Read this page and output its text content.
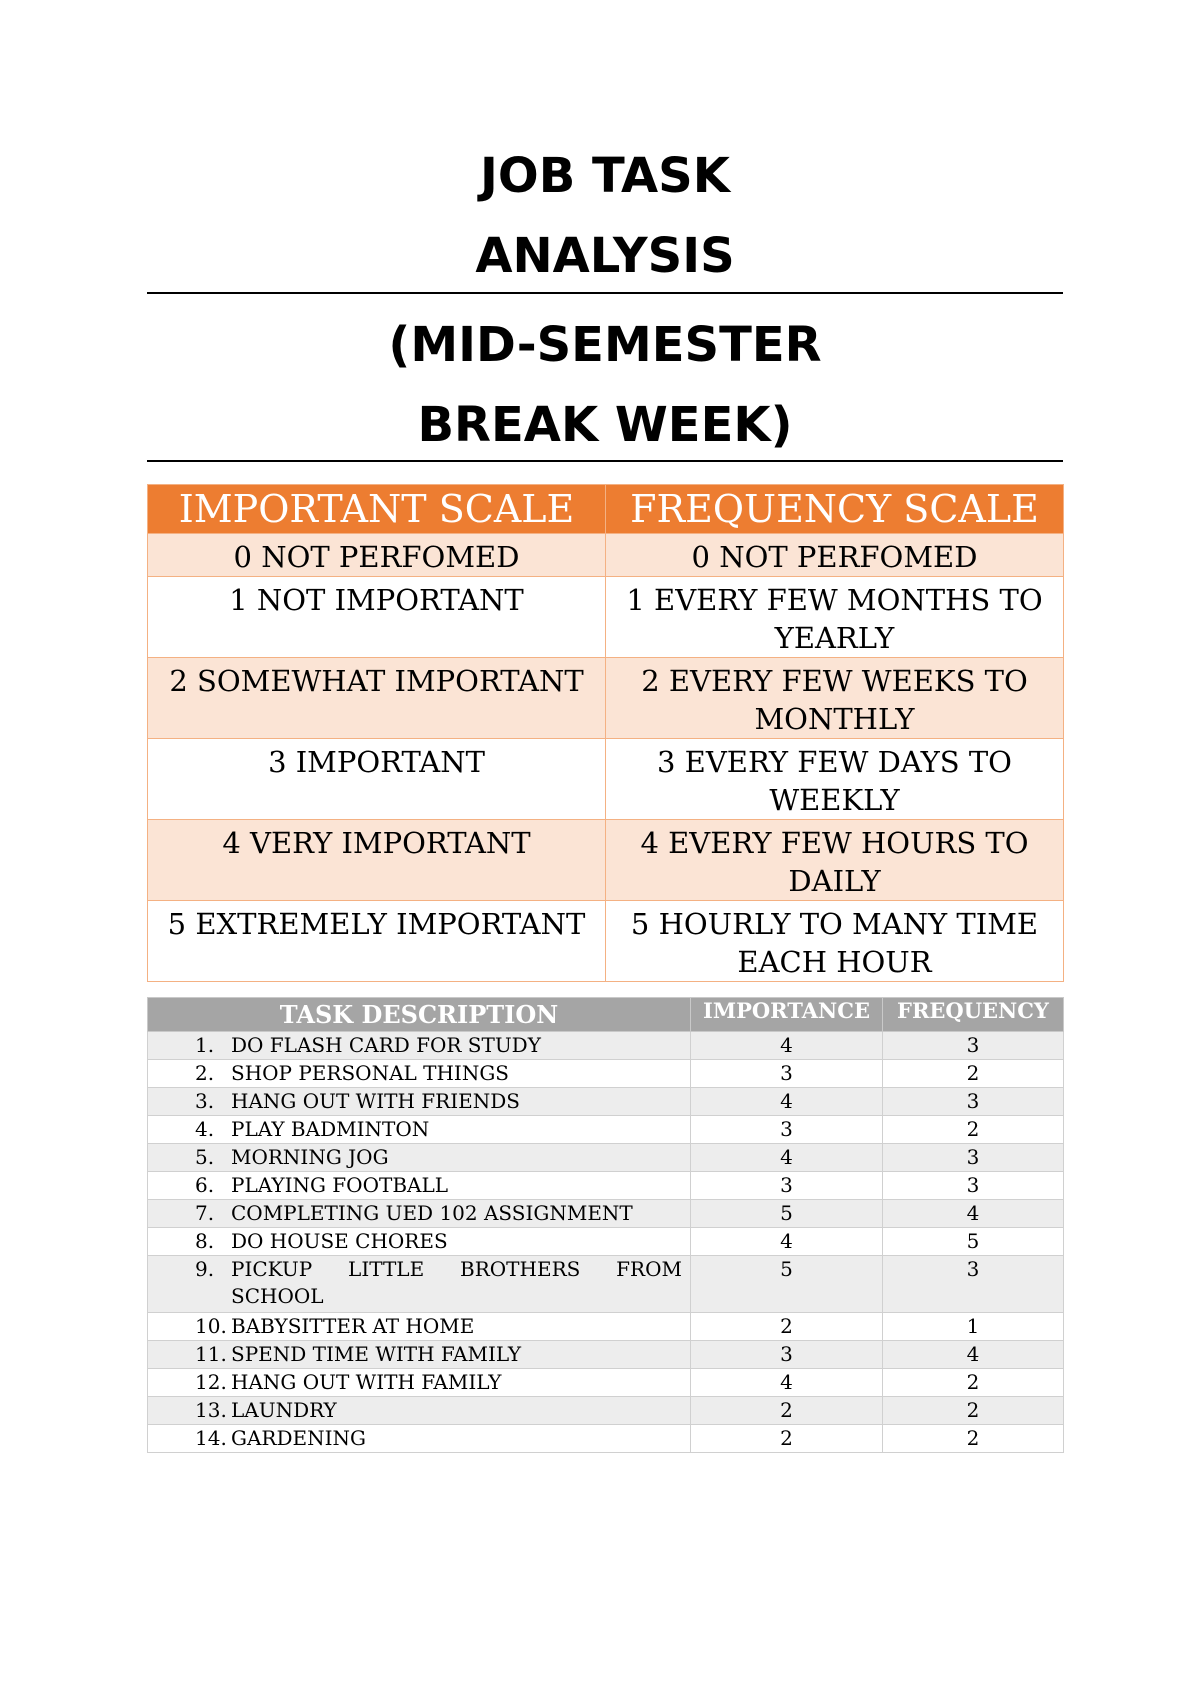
JOB TASK
ANALYSIS
(MID-SEMESTER
BREAK WEEK)
IMPORTANT SCALE	FREQUENCY SCALE
0 NOT PERFOMED	0 NOT PERFOMED
1 NOT IMPORTANT	1 EVERY FEW MONTHS TO YEARLY
2 SOMEWHAT IMPORTANT	2 EVERY FEW WEEKS TO MONTHLY
3 IMPORTANT	3 EVERY FEW DAYS TO WEEKLY
4 VERY IMPORTANT	4 EVERY FEW HOURS TO DAILY
5 EXTREMELY IMPORTANT	5 HOURLY TO MANY TIME EACH HOUR
TASK DESCRIPTION	IMPORTANCE	FREQUENCY

1. DO FLASH CARD FOR STUDY	4	3

2. SHOP PERSONAL THINGS	3	2

3. HANG OUT WITH FRIENDS	4	3

4. PLAY BADMINTON	3	2

5. MORNING JOG	4	3

6. PLAYING FOOTBALL	3	3

7. COMPLETING UED 102 ASSIGNMENT	5	4

8. DO HOUSE CHORES	4	5

9. PICKUP LITTLE BROTHERS FROM SCHOOL	5	3

10. BABYSITTER AT HOME	2	1

11. SPEND TIME WITH FAMILY	3	4

12. HANG OUT WITH FAMILY	4	2

13. LAUNDRY	2	2

14. GARDENING	2	2
